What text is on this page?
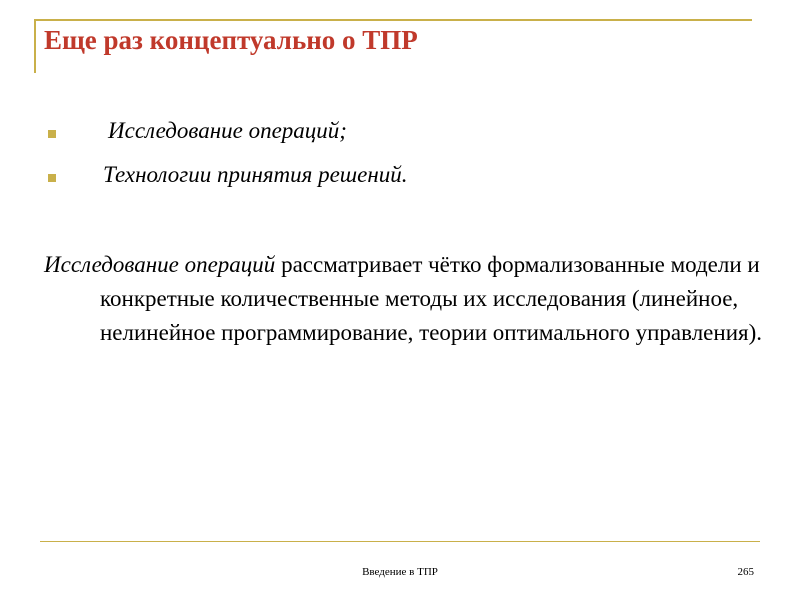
Еще раз концептуально о ТПР
Исследование операций;
Технологии принятия решений.

Исследование операций рассматривает чётко формализованные модели и конкретные количественные методы их исследования (линейное, нелинейное программирование, теории оптимального управления).

Введение в ТПР	265
